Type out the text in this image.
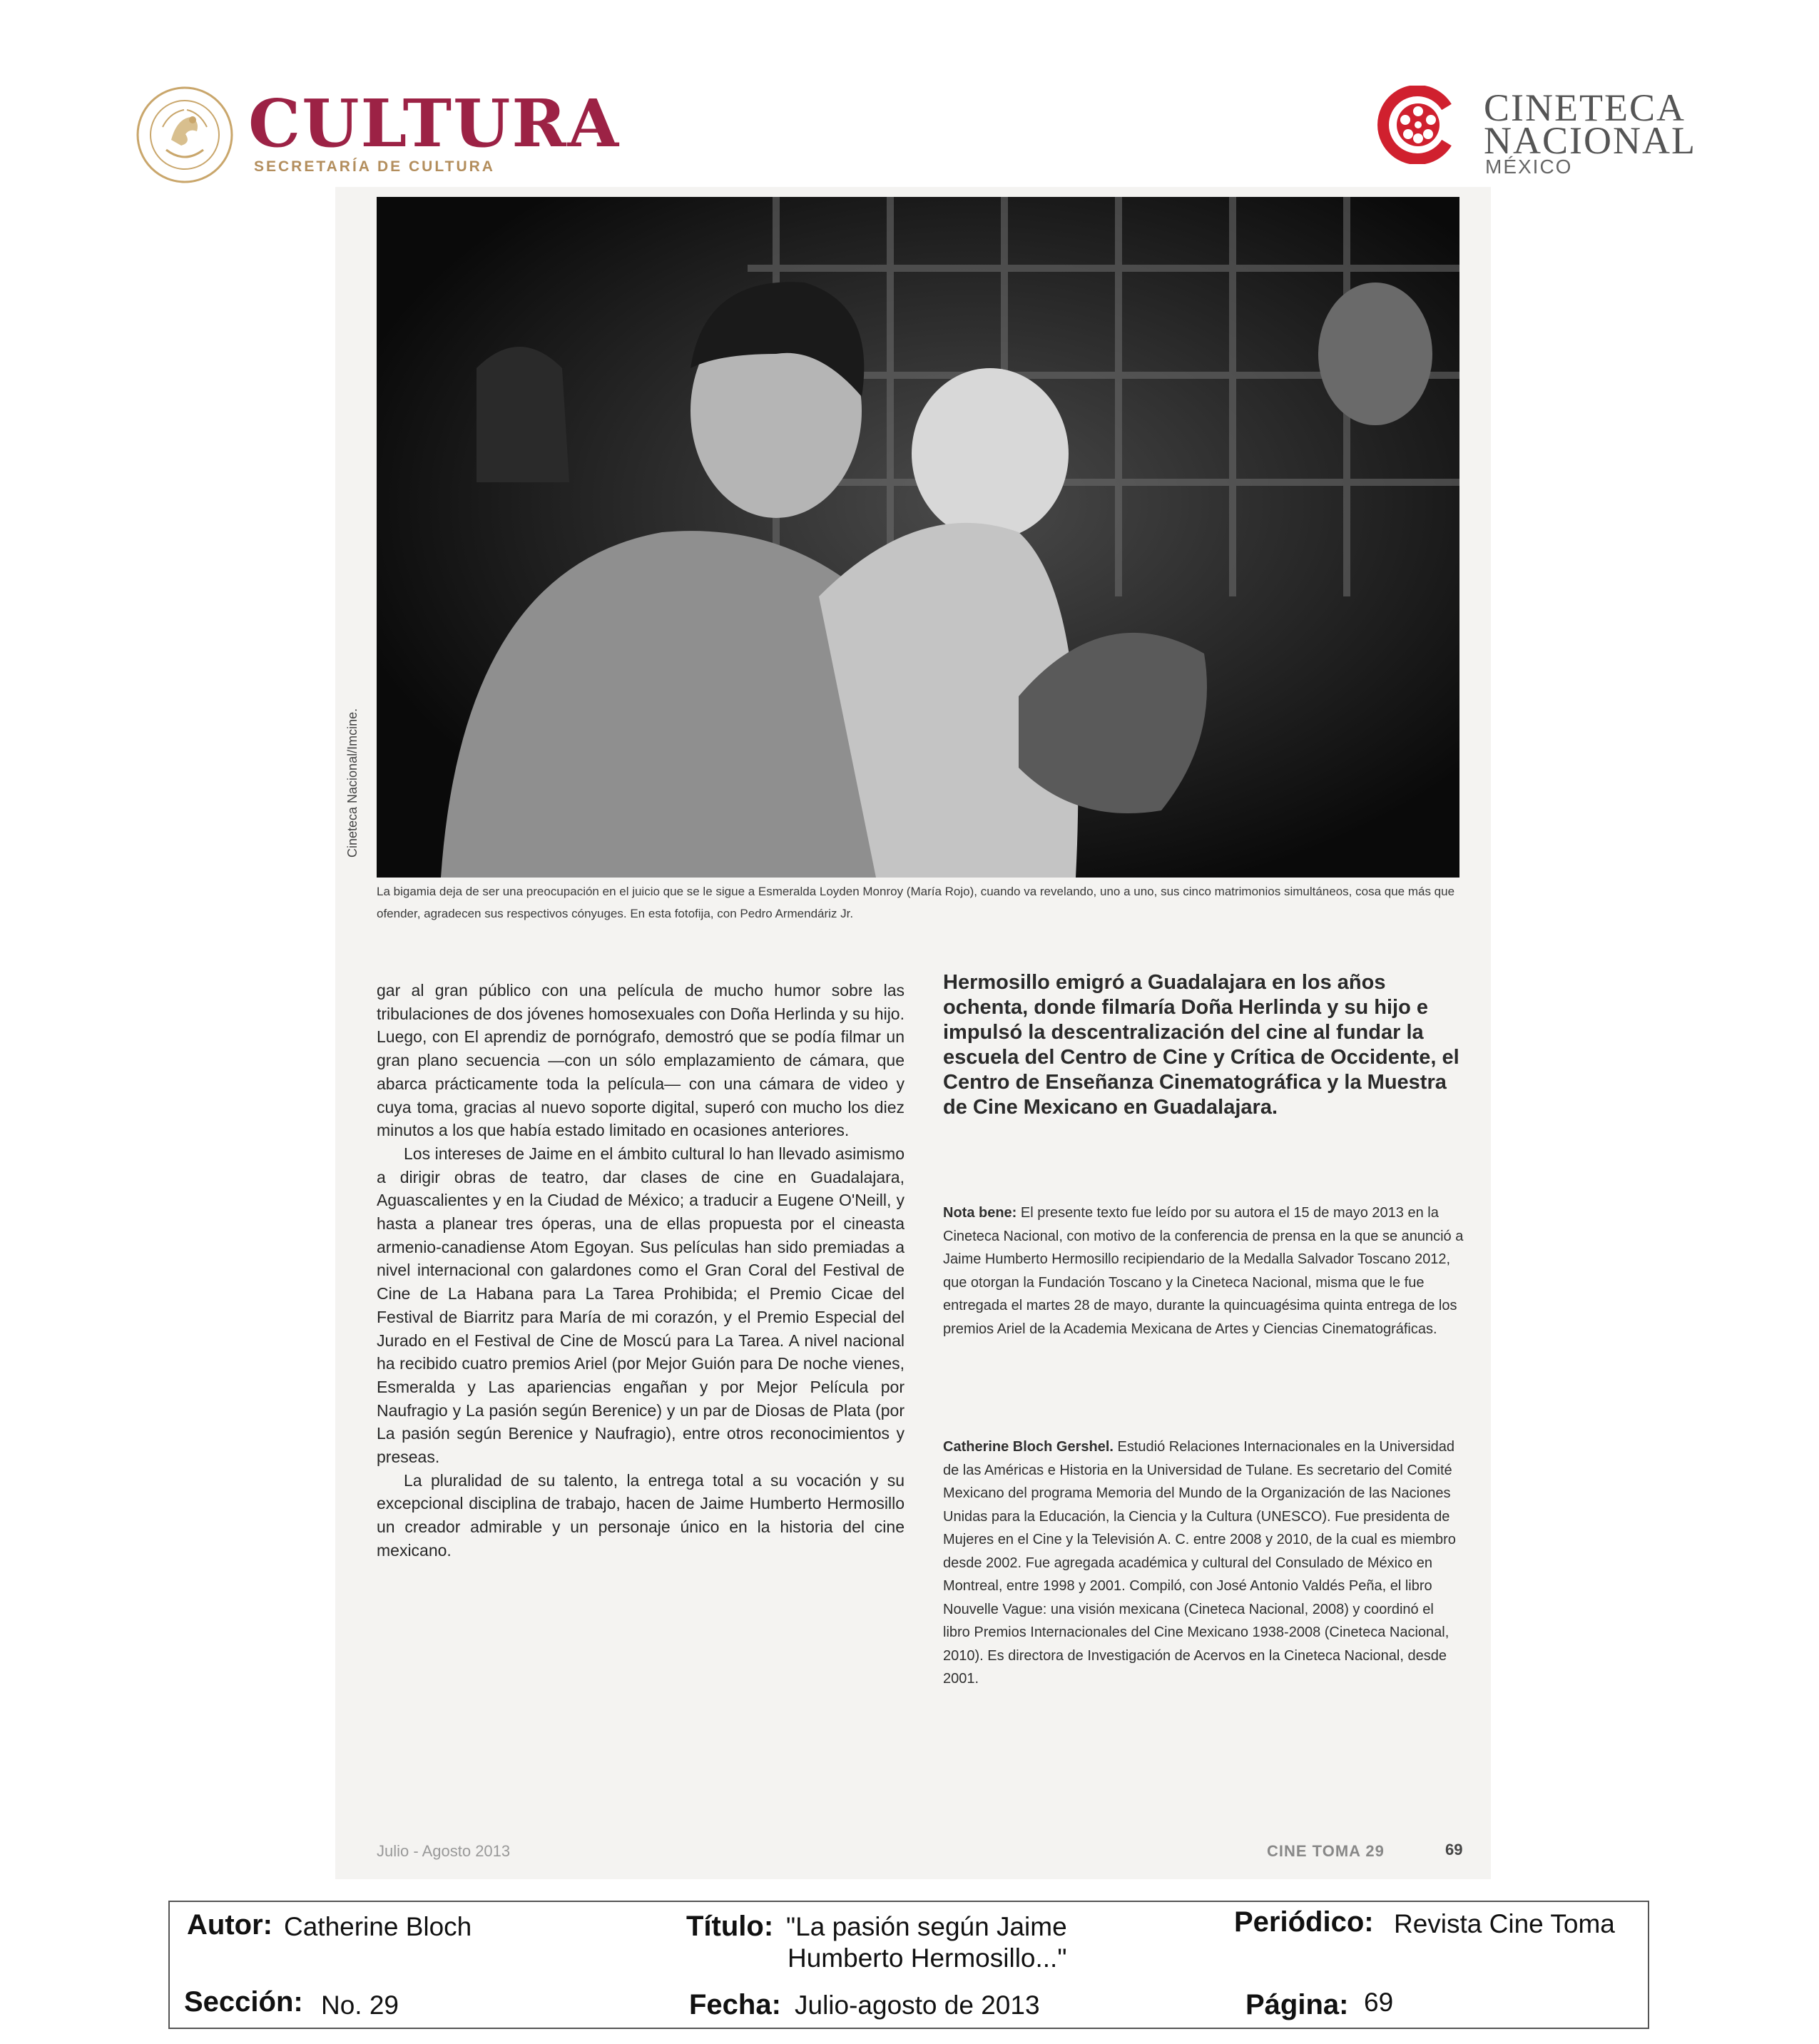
CULTURA
SECRETARÍA DE CULTURA
CINETECA
NACIONAL
MÉXICO
Cineteca Nacional/Imcine.
La bigamia deja de ser una preocupación en el juicio que se le sigue a Esmeralda Loyden Monroy (María Rojo), cuando va revelando, uno a uno, sus cinco matrimonios simultáneos, cosa que más que ofender, agradecen sus respectivos cónyuges. En esta fotofija, con Pedro Armendáriz Jr.

gar al gran público con una película de mucho humor sobre las tribulaciones de dos jóvenes homosexuales con Doña Herlinda y su hijo. Luego, con El aprendiz de pornógrafo, demostró que se podía filmar un gran plano secuencia —con un sólo emplazamiento de cámara, que abarca prácticamente toda la película— con una cámara de video y cuya toma, gracias al nuevo soporte digital, superó con mucho los diez minutos a los que había estado limitado en ocasiones anteriores.

Los intereses de Jaime en el ámbito cultural lo han llevado asimismo a dirigir obras de teatro, dar clases de cine en Guadalajara, Aguascalientes y en la Ciudad de México; a traducir a Eugene O'Neill, y hasta a planear tres óperas, una de ellas propuesta por el cineasta armenio-canadiense Atom Egoyan. Sus películas han sido premiadas a nivel internacional con galardones como el Gran Coral del Festival de Cine de La Habana para La Tarea Prohibida; el Premio Cicae del Festival de Biarritz para María de mi corazón, y el Premio Especial del Jurado en el Festival de Cine de Moscú para La Tarea. A nivel nacional ha recibido cuatro premios Ariel (por Mejor Guión para De noche vienes, Esmeralda y Las apariencias engañan y por Mejor Película por Naufragio y La pasión según Berenice) y un par de Diosas de Plata (por La pasión según Berenice y Naufragio), entre otros reconocimientos y preseas.

La pluralidad de su talento, la entrega total a su vocación y su excepcional disciplina de trabajo, hacen de Jaime Humberto Hermosillo un creador admirable y un personaje único en la historia del cine mexicano.

Hermosillo emigró a Guadalajara en los años ochenta, donde filmaría Doña Herlinda y su hijo e impulsó la descentralización del cine al fundar la escuela del Centro de Cine y Crítica de Occidente, el Centro de Enseñanza Cinematográfica y la Muestra de Cine Mexicano en Guadalajara.
Nota bene: El presente texto fue leído por su autora el 15 de mayo 2013 en la Cineteca Nacional, con motivo de la conferencia de prensa en la que se anunció a Jaime Humberto Hermosillo recipiendario de la Medalla Salvador Toscano 2012, que otorgan la Fundación Toscano y la Cineteca Nacional, misma que le fue entregada el martes 28 de mayo, durante la quincuagésima quinta entrega de los premios Ariel de la Academia Mexicana de Artes y Ciencias Cinematográficas.
Catherine Bloch Gershel. Estudió Relaciones Internacionales en la Universidad de las Américas e Historia en la Universidad de Tulane. Es secretario del Comité Mexicano del programa Memoria del Mundo de la Organización de las Naciones Unidas para la Educación, la Ciencia y la Cultura (UNESCO). Fue presidenta de Mujeres en el Cine y la Televisión A. C. entre 2008 y 2010, de la cual es miembro desde 2002. Fue agregada académica y cultural del Consulado de México en Montreal, entre 1998 y 2001. Compiló, con José Antonio Valdés Peña, el libro Nouvelle Vague: una visión mexicana (Cineteca Nacional, 2008) y coordinó el libro Premios Internacionales del Cine Mexicano 1938-2008 (Cineteca Nacional, 2010). Es directora de Investigación de Acervos en la Cineteca Nacional, desde 2001.
Julio - Agosto 2013	CINE TOMA 29	69
Autor: Catherine Bloch	Título: "La pasión según Jaime
Humberto Hermosillo..."
Periódico: Revista Cine Toma
Sección: No. 29	Fecha: Julio-agosto de 2013	Página: 69
